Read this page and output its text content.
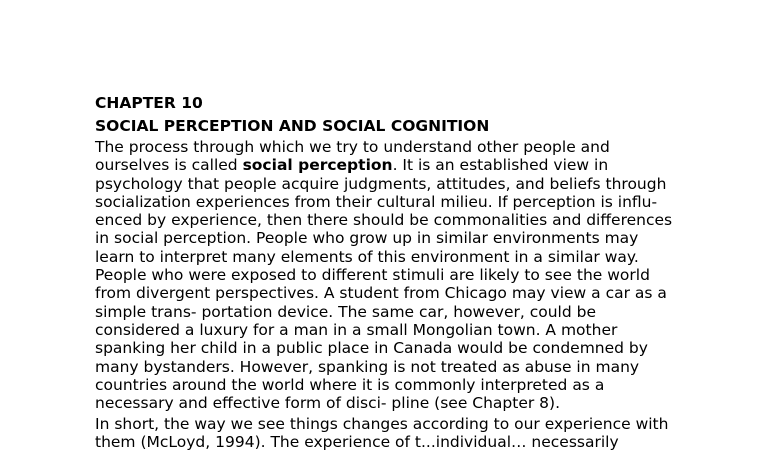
CHAPTER 10
SOCIAL PERCEPTION AND SOCIAL COGNITION
The process through which we try to understand other people and
ourselves is called social perception. It is an established view in
psychology that people acquire judgments, attitudes, and beliefs through
socialization experiences from their cultural milieu. If perception is influ-
enced by experience, then there should be commonalities and differences
in social perception. People who grow up in similar environments may
learn to interpret many elements of this environment in a similar way.
People who were exposed to different stimuli are likely to see the world
from divergent perspectives. A student from Chicago may view a car as a
simple trans- portation device. The same car, however, could be
considered a luxury for a man in a small Mongolian town. A mother
spanking her child in a public place in Canada would be condemned by
many bystanders. However, spanking is not treated as abuse in many
countries around the world where it is commonly interpreted as a
necessary and effective form of disci- pline (see Chapter 8).
In short, the way we see things changes according to our experience with
them (McLoyd, 1994). The experience of t...individual… necessarily
